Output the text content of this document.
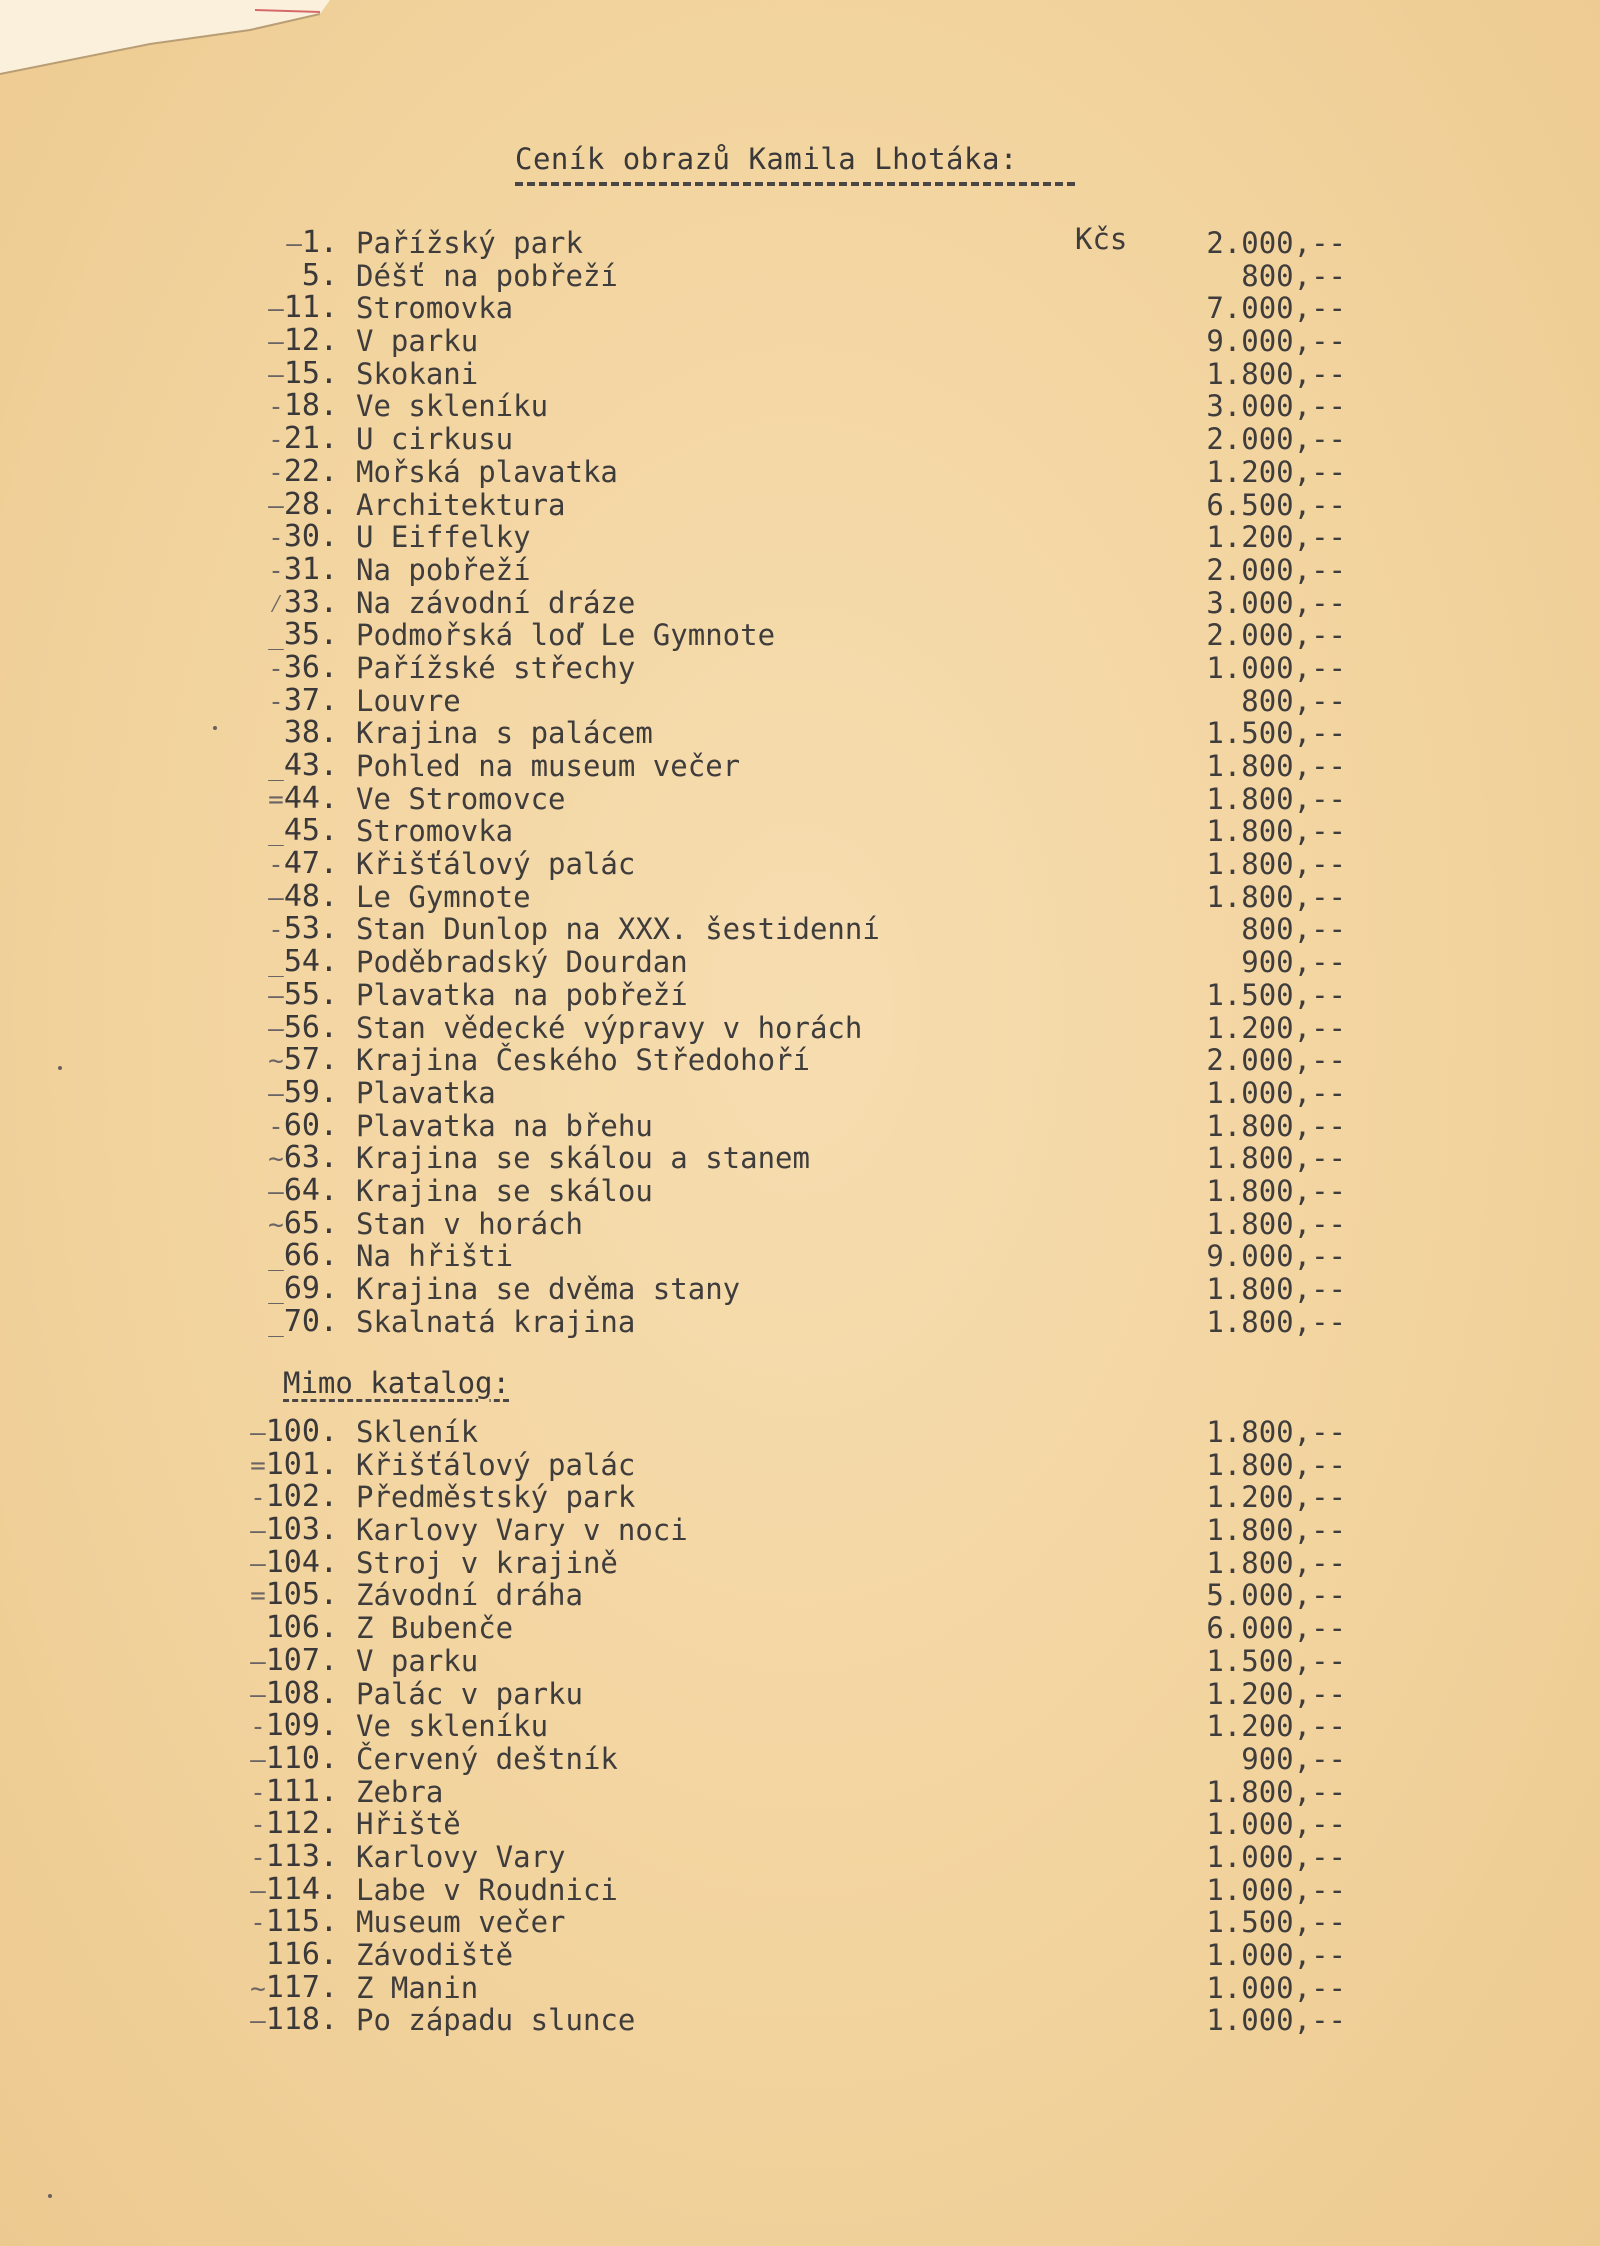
Ceník obrazů Kamila Lhotáka:
—1. Pařížský park	2.000,--
Kčs
5. Déšť na pobřeží	800,--
—11. Stromovka	7.000,--
—12. V parku	9.000,--
–15. Skokani	1.800,--
-18. Ve skleníku	3.000,--
-21. U cirkusu	2.000,--
-22. Mořská plavatka	1.200,--
—28. Architektura	6.500,--
-30. U Eiffelky	1.200,--
-31. Na pobřeží	2.000,--
⁄33. Na závodní dráze	3.000,--
_35. Podmořská loď Le Gymnote	2.000,--
-36. Pařížské střechy	1.000,--
-37. Louvre	800,--
38. Krajina s palácem	1.500,--
_43. Pohled na museum večer	1.800,--
=44. Ve Stromovce	1.800,--
_45. Stromovka	1.800,--
-47. Křišťálový palác	1.800,--
—48. Le Gymnote	1.800,--
-53. Stan Dunlop na XXX. šestidenní	800,--
_54. Poděbradský Dourdan	900,--
—55. Plavatka na pobřeží	1.500,--
—56. Stan vědecké výpravy v horách	1.200,--
~57. Krajina Českého Středohoří	2.000,--
—59. Plavatka	1.000,--
-60. Plavatka na břehu	1.800,--
~63. Krajina se skálou a stanem	1.800,--
—64. Krajina se skálou	1.800,--
~65. Stan v horách	1.800,--
_66. Na hřišti	9.000,--
_69. Krajina se dvěma stany	1.800,--
_70. Skalnatá krajina	1.800,--
Mimo katalog:
—100. Skleník	1.800,--
=101. Křišťálový palác	1.800,--
-102. Předměstský park	1.200,--
—103. Karlovy Vary v noci	1.800,--
—104. Stroj v krajině	1.800,--
=105. Závodní dráha	5.000,--
106. Z Bubenče	6.000,--
—107. V parku	1.500,--
—108. Palác v parku	1.200,--
-109. Ve skleníku	1.200,--
—110. Červený deštník	900,--
-111. Zebra	1.800,--
-112. Hřiště	1.000,--
-113. Karlovy Vary	1.000,--
—114. Labe v Roudnici	1.000,--
-115. Museum večer	1.500,--
116. Závodiště	1.000,--
~117. Z Manin	1.000,--
—118. Po západu slunce	1.000,--
